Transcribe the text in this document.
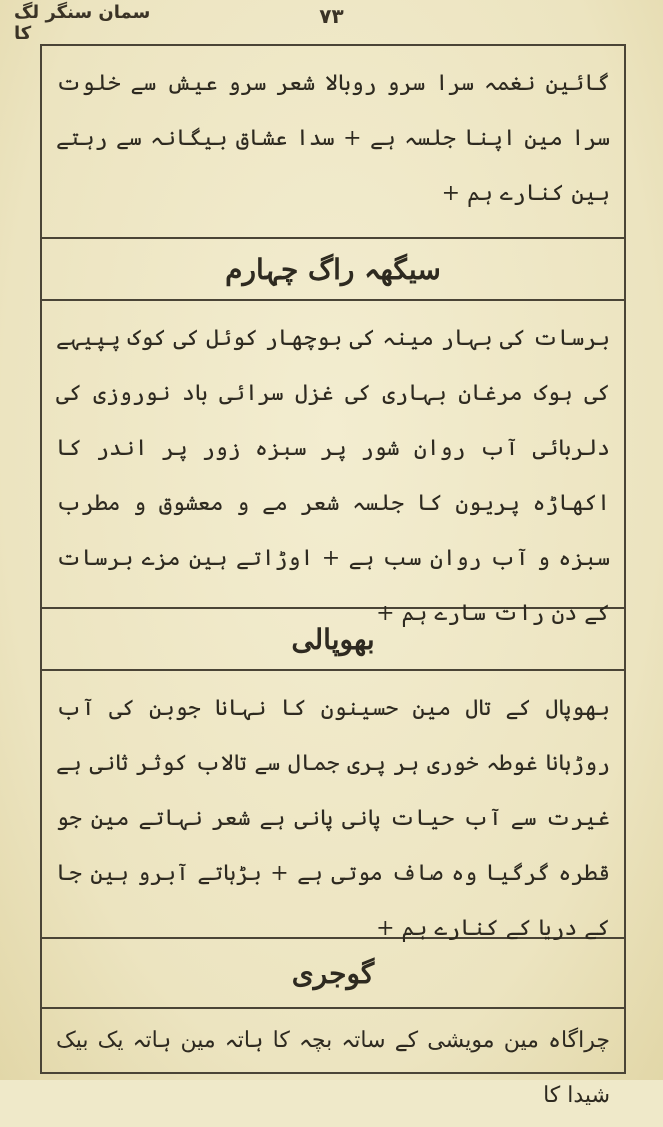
سمان سنگر لگ کا
٧٣
گائین نغمہ سرا سرو روبالا شعر سرو عیش سے خلوت سرا مین اپنا جلسہ ہے + سدا عشاق بیگانہ سے رہتے ہین کنارے ہم +
سیگھہ راگ چہارم
برسات کی بہار مینہ کی بوچھار کوئل کی کوک پپیہے کی ہوک مرغان بہاری کی غزل سرائی باد نوروزی کی دلربائی آب روان شور پر سبزہ زور پر اندر کا اکھاڑہ پریون کا جلسہ شعر مے و معشوق و مطرب سبزہ و آب روان سب ہے + اوڑاتے ہین مزے برسات کے دن رات سارے ہم +
بھوپالی
بھوپال کے تال مین حسینون کا نہانا جوبن کی آب روڑہانا غوطہ خوری ہر پری جمال سے تالاب کوثر ثانی ہے غیرت سے آب حیات پانی پانی ہے شعر نہاتے مین جو قطرہ گرگیا وہ صاف موتی ہے + بڑہاتے آبرو ہین جا کے دریا کے کنارے ہم +
گوجری
چراگاہ مین مویشی کے ساتہ بچہ کا ہاتہ مین ہاتہ یک بیک شیدا کا
